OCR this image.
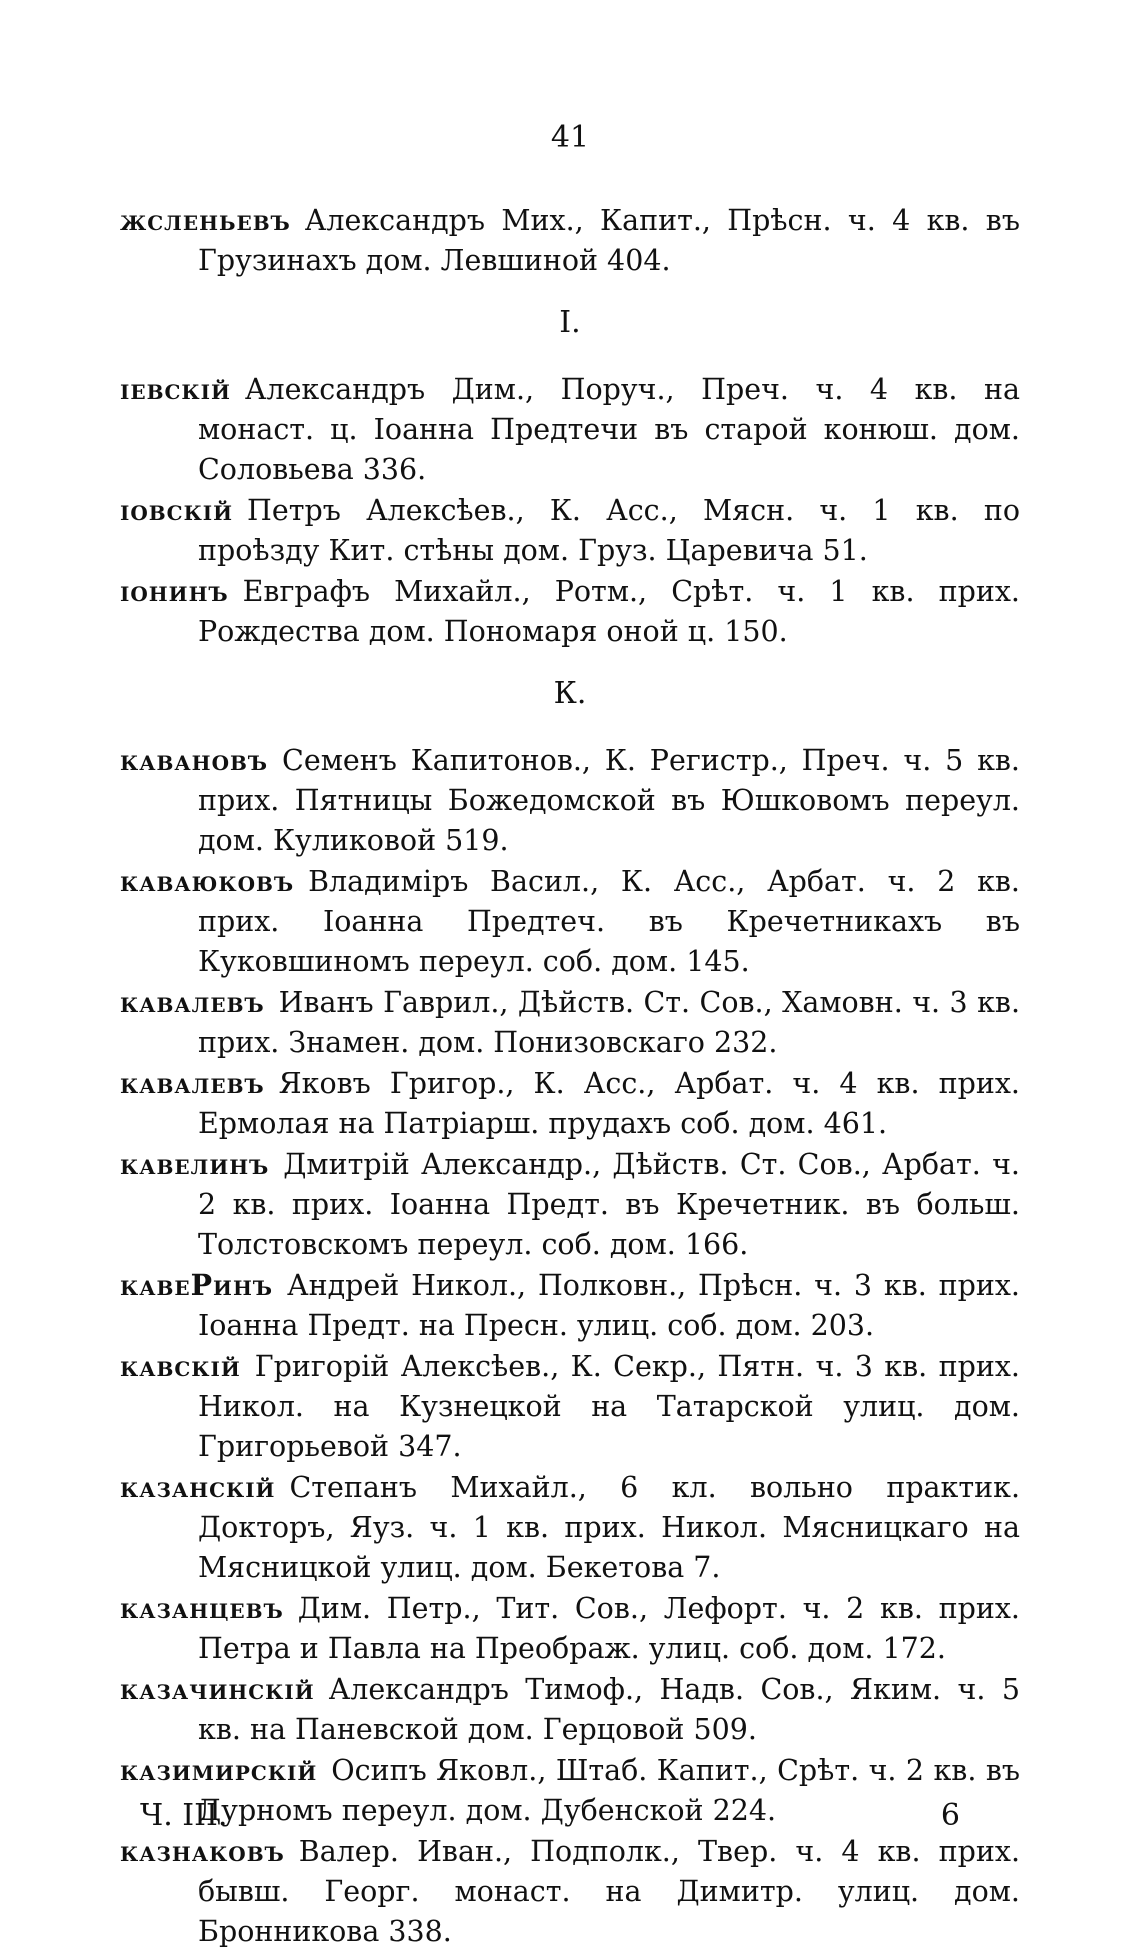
41
жсленьевъ Александръ Мих., Капит., Прѣсн. ч. 4 кв. въ Грузинахъ дом. Левшиной 404.
І.
іевскій Александръ Дим., Поруч., Преч. ч. 4 кв. на монаст. ц. Іоанна Предтечи въ старой конюш. дом. Соловьева 336.
іовскій Петръ Алексѣев., К. Асс., Мясн. ч. 1 кв. по проѣзду Кит. стѣны дом. Груз. Царевича 51.
іонинъ Евграфъ Михайл., Ротм., Срѣт. ч. 1 кв. прих. Рождества дом. Пономаря оной ц. 150.
К.
кавановъ Семенъ Капитонов., К. Регистр., Преч. ч. 5 кв. прих. Пятницы Божедомской въ Юшковомъ переул. дом. Куликовой 519.
каваюковъ Владиміръ Васил., К. Асс., Арбат. ч. 2 кв. прих. Іоанна Предтеч. въ Кречетникахъ въ Куковшиномъ переул. соб. дом. 145.
кавалевъ Иванъ Гаврил., Дѣйств. Ст. Сов., Хамовн. ч. 3 кв. прих. Знамен. дом. Понизовскаго 232.
кавалевъ Яковъ Григор., К. Асс., Арбат. ч. 4 кв. прих. Ермолая на Патріарш. прудахъ соб. дом. 461.
кавелинъ Дмитрій Александр., Дѣйств. Ст. Сов., Арбат. ч. 2 кв. прих. Іоанна Предт. въ Кречетник. въ больш. Толстовскомъ переул. соб. дом. 166.
кавеРинъ Андрей Никол., Полковн., Прѣсн. ч. 3 кв. прих. Іоанна Предт. на Пресн. улиц. соб. дом. 203.
кавскій Григорій Алексѣев., К. Секр., Пятн. ч. 3 кв. прих. Никол. на Кузнецкой на Татарской улиц. дом. Григорьевой 347.
казанскій Степанъ Михайл., 6 кл. вольно практик. Докторъ, Яуз. ч. 1 кв. прих. Никол. Мясницкаго на Мясницкой улиц. дом. Бекетова 7.
казанцевъ Дим. Петр., Тит. Сов., Лефорт. ч. 2 кв. прих. Петра и Павла на Преображ. улиц. соб. дом. 172.
казачинскій Александръ Тимоф., Надв. Сов., Яким. ч. 5 кв. на Паневской дом. Герцовой 509.
казимирскій Осипъ Яковл., Штаб. Капит., Срѣт. ч. 2 кв. въ Дурномъ переул. дом. Дубенской 224.
казнаковъ Валер. Иван., Подполк., Твер. ч. 4 кв. прих. бывш. Георг. монаст. на Димитр. улиц. дом. Бронникова 338.
Ч. III.	6
